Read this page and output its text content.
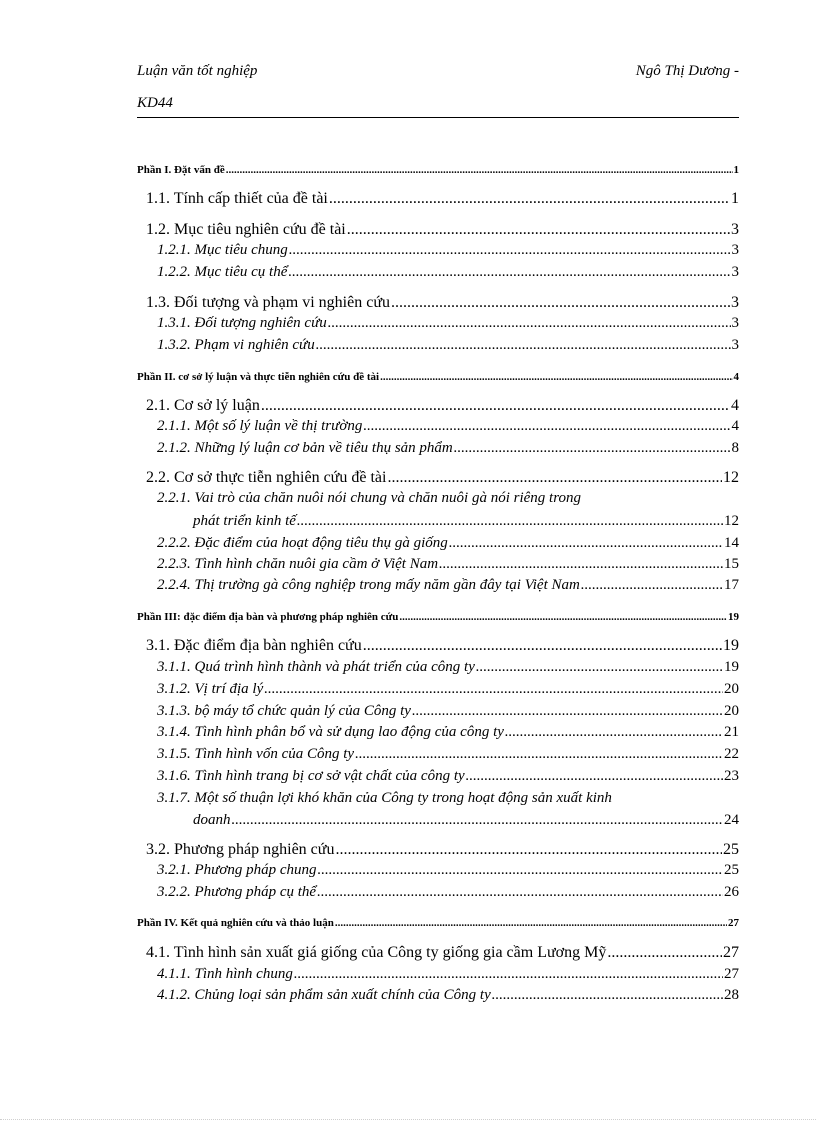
Luận văn tốt nghiệp	Ngô Thị Dương -
KD44
Phần I. Đặt vấn đề .....	1
1.1. Tính cấp thiết của đề tài .....	1
1.2. Mục tiêu nghiên cứu đề tài .....	3
1.2.1. Mục tiêu chung .....	3
1.2.2. Mục tiêu cụ thể .....	3
1.3. Đối tượng và phạm vi nghiên cứu .....	3
1.3.1. Đối tượng nghiên cứu .....	3
1.3.2. Phạm vi nghiên cứu .....	3
Phần II. cơ sở lý luận và thực tiễn nghiên cứu đề tài .....	4
2.1. Cơ sở lý luận .....	4
2.1.1. Một số lý luận về thị trường .....	4
2.1.2. Những lý luận cơ bản về tiêu thụ sản phẩm .....	8
2.2. Cơ sở thực tiễn nghiên cứu đề tài .....	12
2.2.1. Vai trò của chăn nuôi nói chung và chăn nuôi gà nói riêng trong
phát triển kinh tế .....	12
2.2.2. Đặc điểm của hoạt động tiêu thụ gà giống .....	14
2.2.3. Tình hình chăn nuôi gia cầm ở Việt Nam .....	15
2.2.4. Thị trường gà công nghiệp trong mấy năm gần đây tại Việt Nam .....	17
Phần III: đặc điểm địa bàn và phương pháp nghiên cứu .....	19
3.1. Đặc điểm địa bàn nghiên cứu .....	19
3.1.1. Quá trình hình thành và phát triển của công ty .....	19
3.1.2. Vị trí địa lý .....	20
3.1.3. bộ máy tổ chức quản lý của Công ty .....	20
3.1.4. Tình hình phân bổ và sử dụng lao động của công ty .....	21
3.1.5. Tình hình vốn của Công ty .....	22
3.1.6. Tình hình trang bị cơ sở vật chất của công ty .....	23
3.1.7. Một số thuận lợi khó khăn của Công ty trong hoạt động sản xuất kinh
doanh .....	24
3.2. Phương pháp nghiên cứu .....	25
3.2.1. Phương pháp chung .....	25
3.2.2. Phương pháp cụ thể .....	26
Phần IV. Kết quả nghiên cứu và thảo luận .....	27
4.1. Tình hình sản xuất giá giống của Công ty giống gia cầm Lương Mỹ .....	27
4.1.1. Tình hình chung .....	27
4.1.2. Chủng loại sản phẩm sản xuất chính của Công ty .....	28
